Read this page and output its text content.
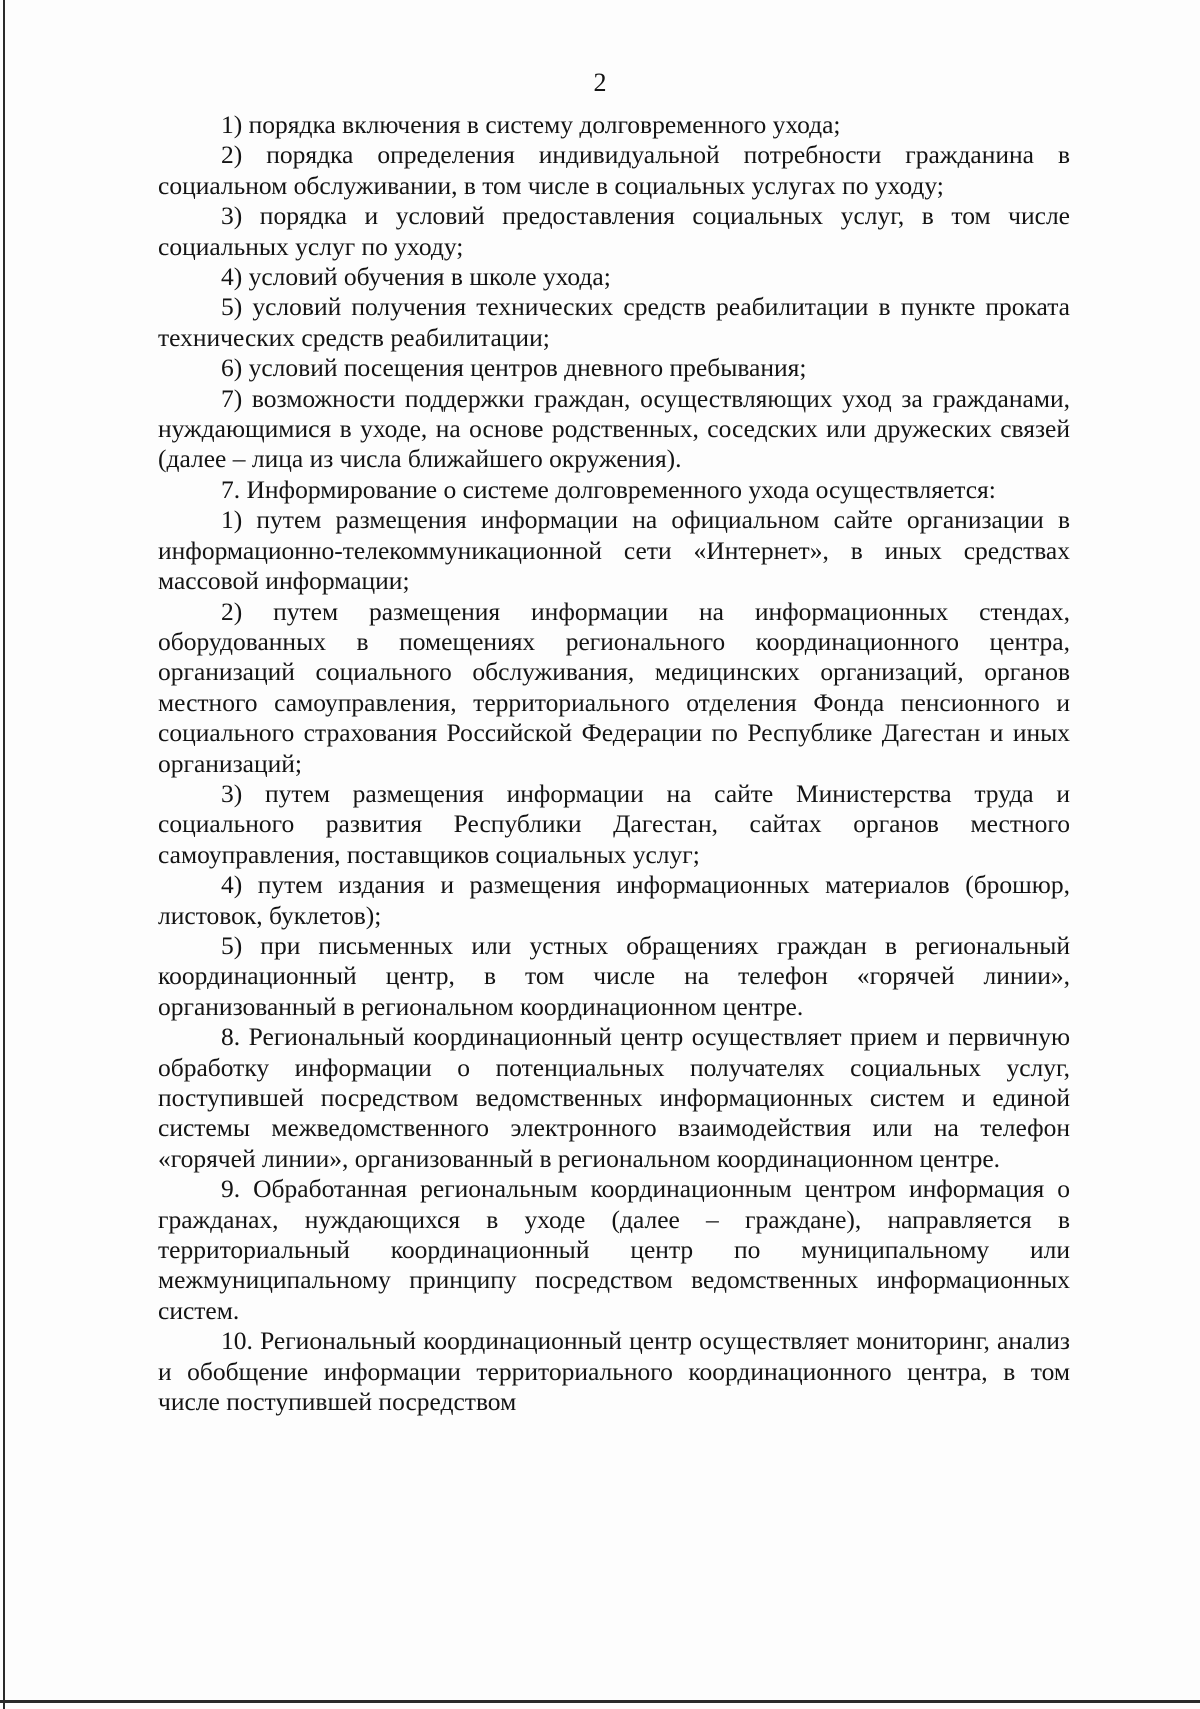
2

1) порядка включения в систему долговременного ухода;

2) порядка определения индивидуальной потребности гражданина в социальном обслуживании, в том числе в социальных услугах по уходу;

3) порядка и условий предоставления социальных услуг, в том числе социальных услуг по уходу;

4) условий обучения в школе ухода;

5) условий получения технических средств реабилитации в пункте проката технических средств реабилитации;

6) условий посещения центров дневного пребывания;

7) возможности поддержки граждан, осуществляющих уход за гражданами, нуждающимися в уходе, на основе родственных, соседских или дружеских связей (далее – лица из числа ближайшего окружения).

7. Информирование о системе долговременного ухода осуществляется:

1) путем размещения информации на официальном сайте организации в информационно-телекоммуникационной сети «Интернет», в иных средствах массовой информации;

2) путем размещения информации на информационных стендах, оборудованных в помещениях регионального координационного центра, организаций социального обслуживания, медицинских организаций, органов местного самоуправления, территориального отделения Фонда пенсионного и социального страхования Российской Федерации по Республике Дагестан и иных организаций;

3) путем размещения информации на сайте Министерства труда и социального развития Республики Дагестан, сайтах органов местного самоуправления, поставщиков социальных услуг;

4) путем издания и размещения информационных материалов (брошюр, листовок, буклетов);

5) при письменных или устных обращениях граждан в региональный координационный центр, в том числе на телефон «горячей линии», организованный в региональном координационном центре.

8. Региональный координационный центр осуществляет прием и первичную обработку информации о потенциальных получателях социальных услуг, поступившей посредством ведомственных информационных систем и единой системы межведомственного электронного взаимодействия или на телефон «горячей линии», организованный в региональном координационном центре.

9. Обработанная региональным координационным центром информация о гражданах, нуждающихся в уходе (далее – граждане), направляется в территориальный координационный центр по муниципальному или межмуниципальному принципу посредством ведомственных информационных систем.

10. Региональный координационный центр осуществляет мониторинг, анализ и обобщение информации территориального координационного центра, в том числе поступившей посредством
